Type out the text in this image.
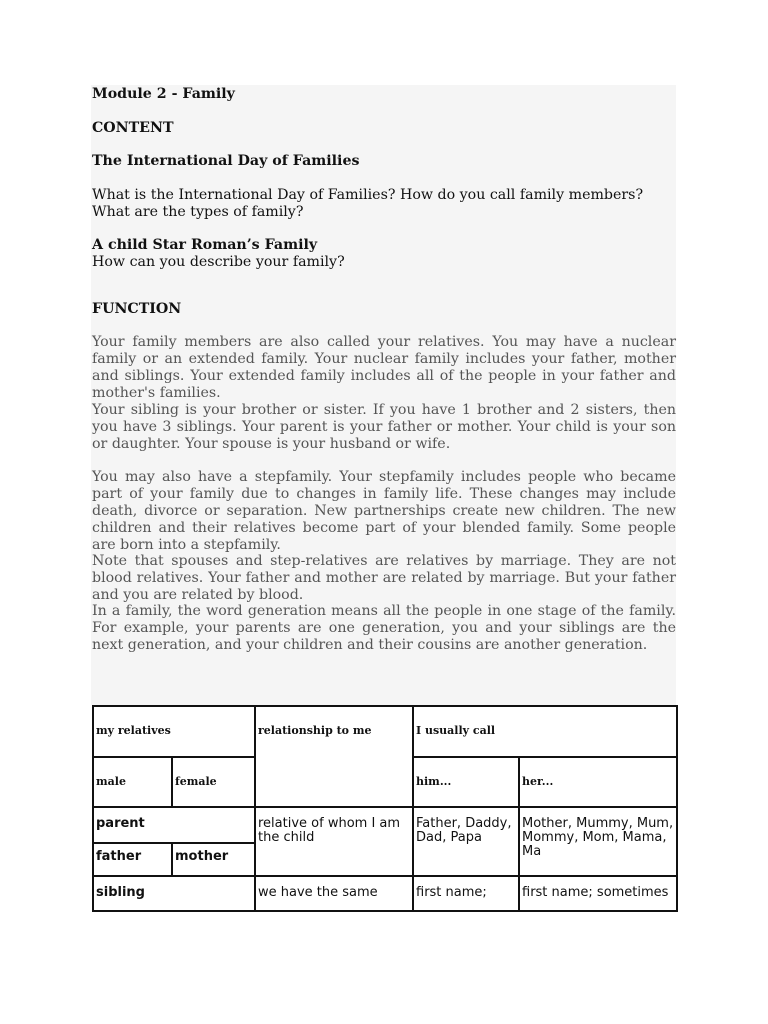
Module 2 - Family

CONTENT

The International Day of Families

What is the International Day of Families? How do you call family members? What are the types of family?

A child Star Roman’s Family

How can you describe your family?

FUNCTION

Your family members are also called your relatives. You may have a nuclear family or an extended family. Your nuclear family includes your father, mother and siblings. Your extended family includes all of the people in your father and mother's families.

Your sibling is your brother or sister. If you have 1 brother and 2 sisters, then you have 3 siblings. Your parent is your father or mother. Your child is your son or daughter. Your spouse is your husband or wife.

You may also have a stepfamily. Your stepfamily includes people who became part of your family due to changes in family life. These changes may include death, divorce or separation. New partnerships create new children. The new children and their relatives become part of your blended family. Some people are born into a stepfamily.

Note that spouses and step-relatives are relatives by marriage. They are not blood relatives. Your father and mother are related by marriage. But your father and you are related by blood.

In a family, the word generation means all the people in one stage of the family. For example, your parents are one generation, you and your siblings are the next generation, and your children and their cousins are another generation.

my relatives		relationship to me	I usually call	
male	female		him...	her...
parent		relative of whom I am the child	Father, Daddy, Dad, Papa	Mother, Mummy, Mum, Mommy, Mom, Mama, Ma
father	mother			
sibling		we have the same	first name;	first name; sometimes
